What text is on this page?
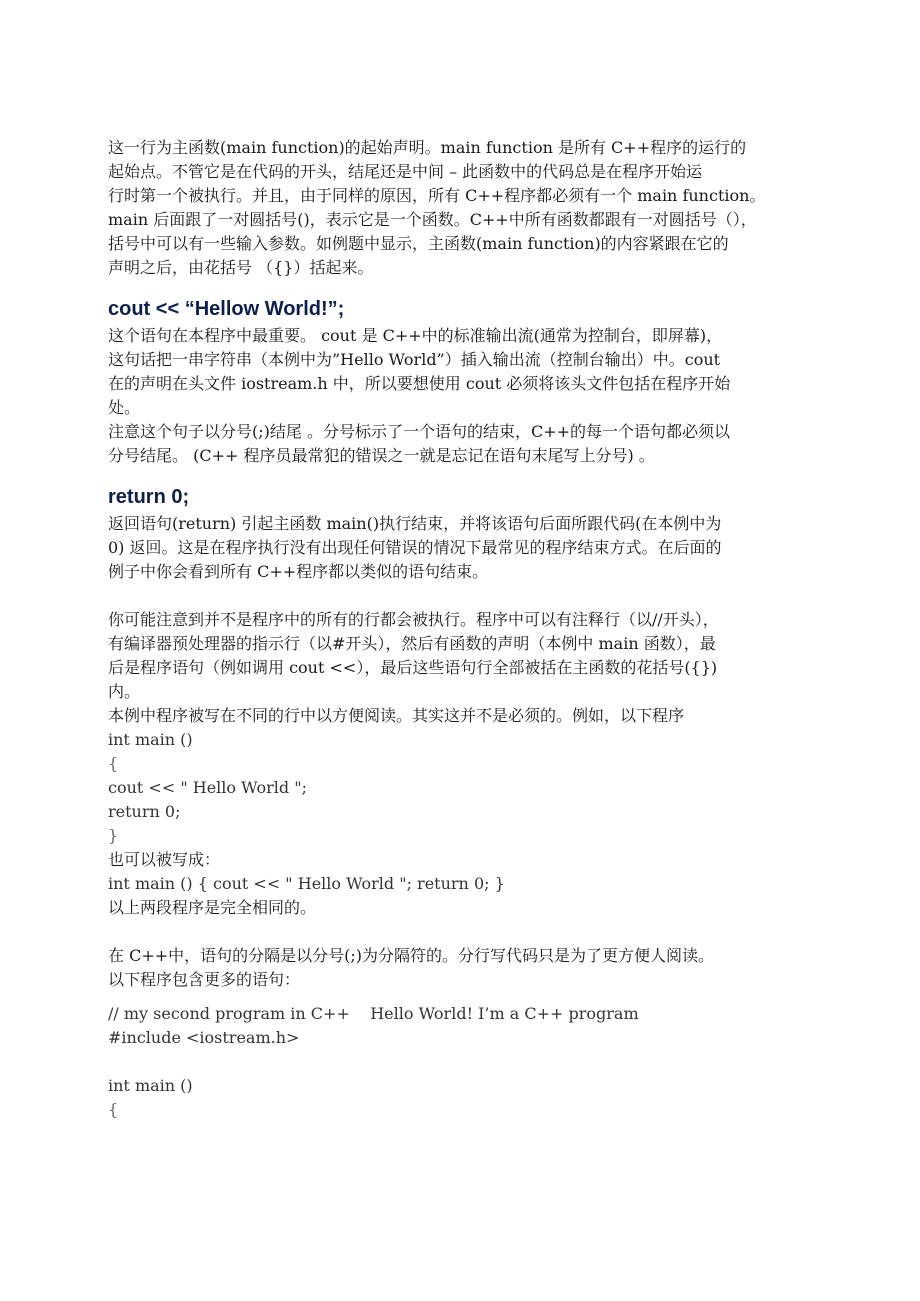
这一行为主函数(main function)的起始声明。main function 是所有 C++程序的运行的
起始点。不管它是在代码的开头，结尾还是中间 – 此函数中的代码总是在程序开始运
行时第一个被执行。并且，由于同样的原因，所有 C++程序都必须有一个 main function。
main 后面跟了一对圆括号()，表示它是一个函数。C++中所有函数都跟有一对圆括号（），
括号中可以有一些输入参数。如例题中显示，主函数(main function)的内容紧跟在它的
声明之后，由花括号 （{}）括起来。
cout << “Hellow World!”;
这个语句在本程序中最重要。 cout 是 C++中的标准输出流(通常为控制台，即屏幕)，
这句话把一串字符串（本例中为”Hello World”）插入输出流（控制台输出）中。cout
在的声明在头文件 iostream.h 中，所以要想使用 cout 必须将该头文件包括在程序开始
处。
注意这个句子以分号(;)结尾 。分号标示了一个语句的结束，C++的每一个语句都必须以
分号结尾。 (C++ 程序员最常犯的错误之一就是忘记在语句末尾写上分号) 。
return 0;
返回语句(return) 引起主函数 main()执行结束，并将该语句后面所跟代码(在本例中为
0) 返回。这是在程序执行没有出现任何错误的情况下最常见的程序结束方式。在后面的
例子中你会看到所有 C++程序都以类似的语句结束。
你可能注意到并不是程序中的所有的行都会被执行。程序中可以有注释行（以//开头），
有编译器预处理器的指示行（以#开头），然后有函数的声明（本例中 main 函数），最
后是程序语句（例如调用 cout <<），最后这些语句行全部被括在主函数的花括号({})
内。
本例中程序被写在不同的行中以方便阅读。其实这并不是必须的。例如，以下程序
int main ()
{
cout << " Hello World ";
return 0;
}
也可以被写成：
int main () { cout << " Hello World "; return 0; }
以上两段程序是完全相同的。
在 C++中，语句的分隔是以分号(;)为分隔符的。分行写代码只是为了更方便人阅读。
以下程序包含更多的语句：
// my second program in C++    Hello World! I’m a C++ program
#include <iostream.h>

int main ()
{
